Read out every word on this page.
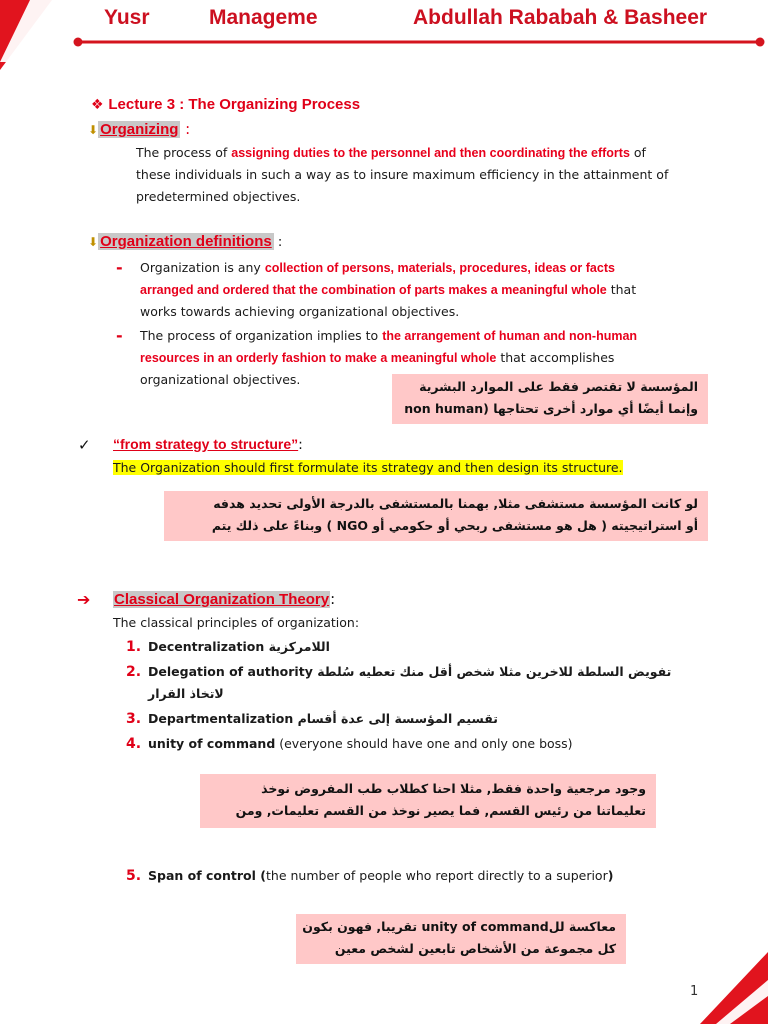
Yusr	Manageme	Abdullah Rababah & Basheer
❖ Lecture 3 : The Organizing Process
⬇ Organizing :
The process of assigning duties to the personnel and then coordinating the efforts of
these individuals in such a way as to insure maximum efficiency in the attainment of
predetermined objectives.
⬇ Organization definitions :
- Organization is any collection of persons, materials, procedures, ideas or facts
arranged and ordered that the combination of parts makes a meaningful whole that
works towards achieving organizational objectives.
- The process of organization implies to the arrangement of human and non-human
resources in an orderly fashion to make a meaningful whole that accomplishes
organizational objectives.	المؤسسة لا تقتصر فقط على الموارد البشرية
وإنما أيضًا أي موارد أخرى تحتاجها (non human
✓ “from strategy to structure”:
The Organization should first formulate its strategy and then design its structure.
لو كانت المؤسسة مستشفى مثلا, بهمنا بالمستشفى بالدرجة الأولى تحديد هدفه
أو استراتيجيته ( هل هو مستشفى ربحي أو حكومي أو NGO ) وبناءً على ذلك يتم
➔ Classical Organization Theory:
The classical principles of organization:
1. Decentralization اللامركزية
2. Delegation of authority تفويض السلطة للاخرين مثلا شخص أقل منك تعطيه سُلطة
لاتخاذ القرار
3. Departmentalization تقسيم المؤسسة إلى عدة أقسام
4. unity of command (everyone should have one and only one boss)
وجود مرجعية واحدة فقط, مثلا احنا كطلاب طب المفروض نوخذ
تعليماتنا من رئيس القسم, فما يصير نوخذ من القسم تعليمات, ومن
5. Span of control (the number of people who report directly to a superior)
معاكسة للunity of command تقريبا, فهون بكون
كل مجموعة من الأشخاص تابعين لشخص معين
1
